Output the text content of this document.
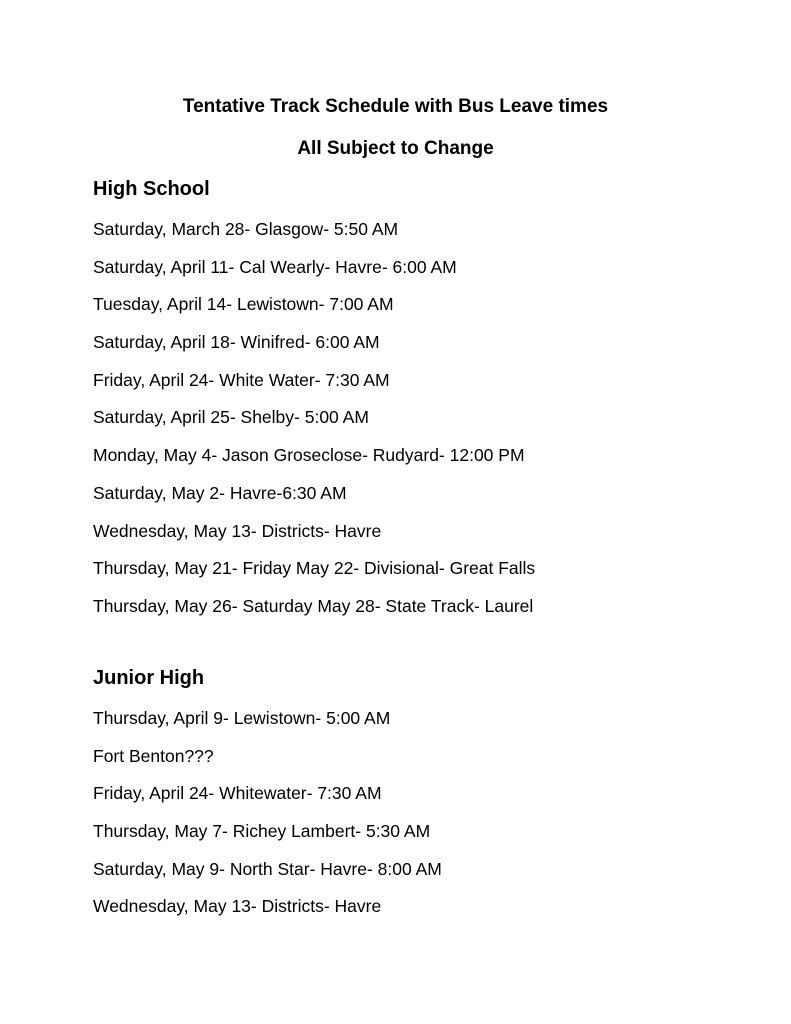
Tentative Track Schedule with Bus Leave times
All Subject to Change
High School
Saturday, March 28- Glasgow- 5:50 AM
Saturday, April 11- Cal Wearly- Havre- 6:00 AM
Tuesday, April 14- Lewistown- 7:00 AM
Saturday, April 18- Winifred- 6:00 AM
Friday, April 24- White Water- 7:30 AM
Saturday, April 25- Shelby- 5:00 AM
Monday, May 4- Jason Groseclose- Rudyard- 12:00 PM
Saturday, May 2- Havre-6:30 AM
Wednesday, May 13- Districts- Havre
Thursday, May 21- Friday May 22- Divisional- Great Falls
Thursday, May 26- Saturday May 28- State Track- Laurel
Junior High
Thursday, April 9- Lewistown- 5:00 AM
Fort Benton???
Friday, April 24- Whitewater- 7:30 AM
Thursday, May 7- Richey Lambert- 5:30 AM
Saturday, May 9- North Star- Havre- 8:00 AM
Wednesday, May 13- Districts- Havre
